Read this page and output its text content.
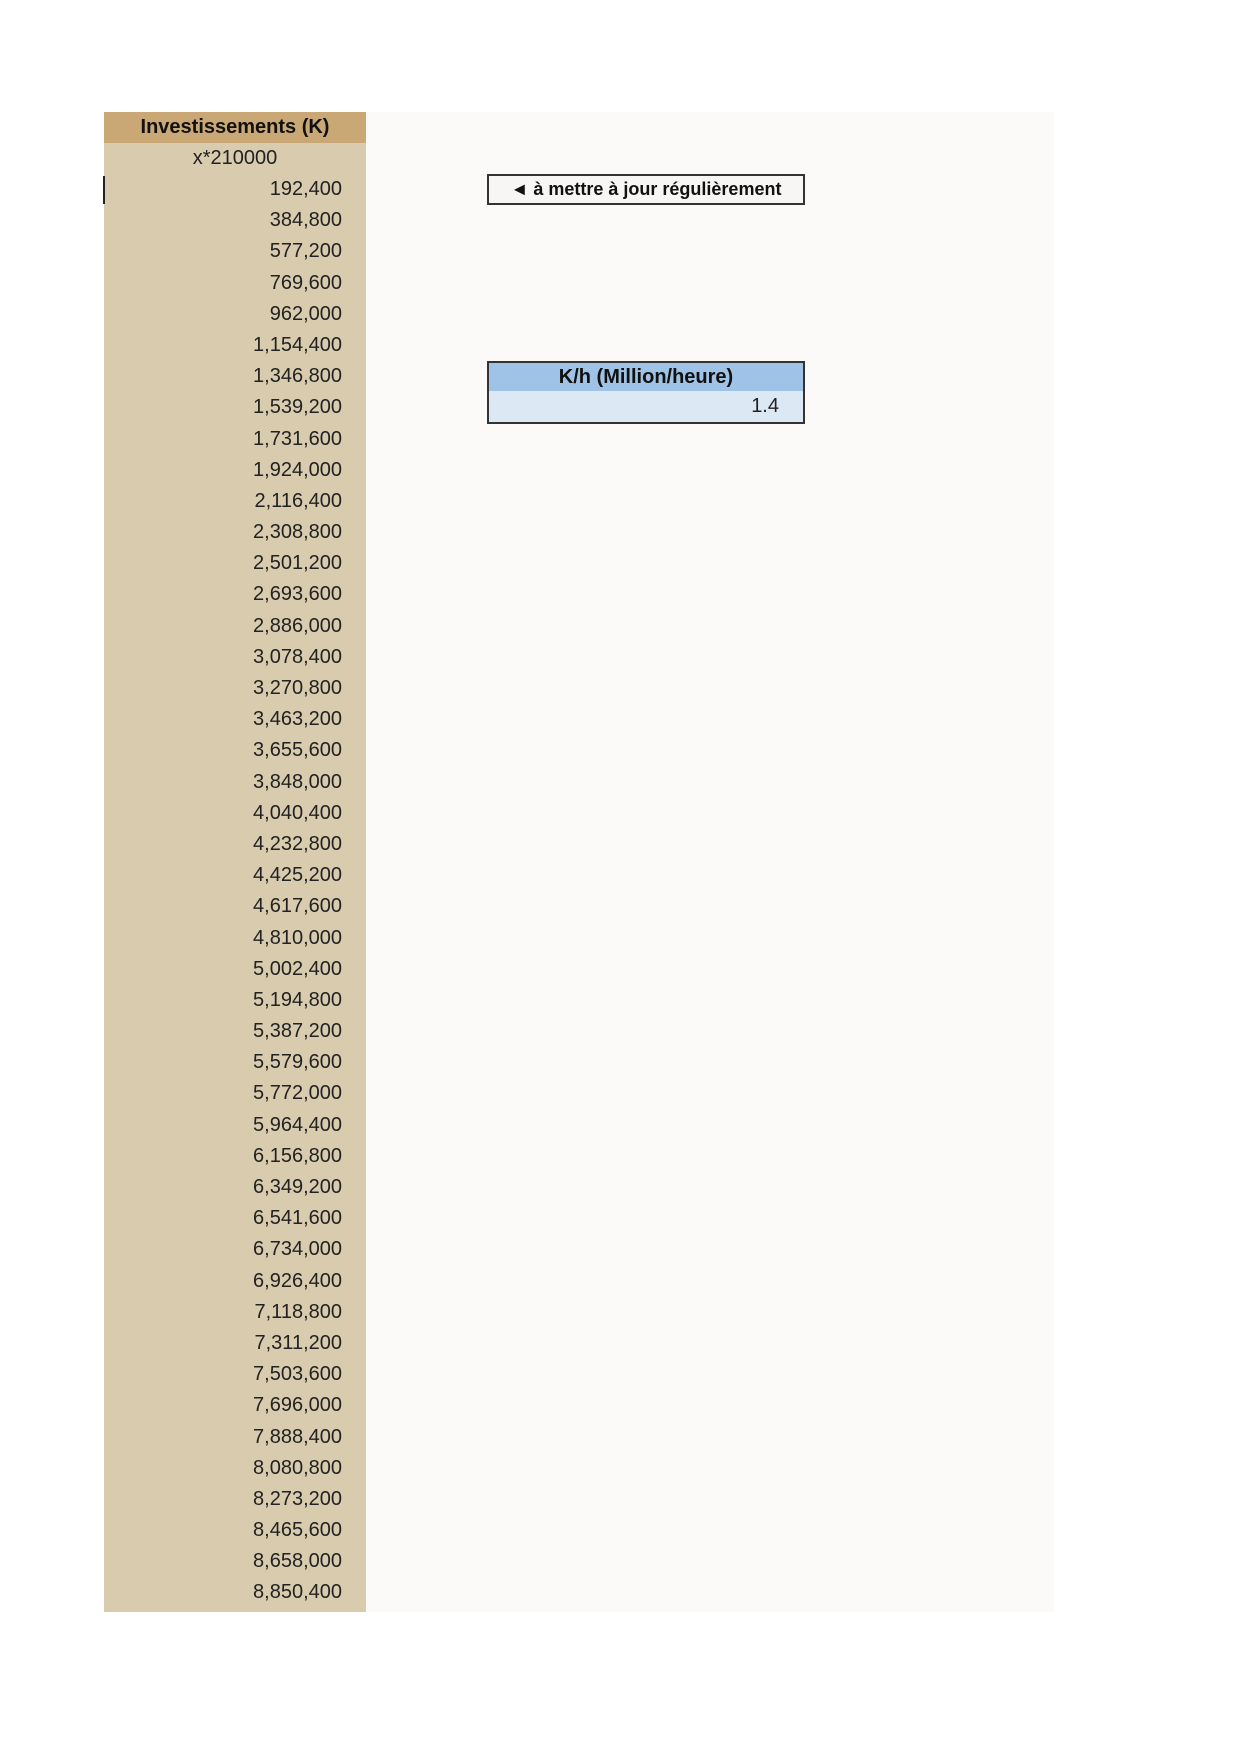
Investissements (K)
x*210000
192,400
384,800
577,200
769,600
962,000
1,154,400
1,346,800
1,539,200
1,731,600
1,924,000
2,116,400
2,308,800
2,501,200
2,693,600
2,886,000
3,078,400
3,270,800
3,463,200
3,655,600
3,848,000
4,040,400
4,232,800
4,425,200
4,617,600
4,810,000
5,002,400
5,194,800
5,387,200
5,579,600
5,772,000
5,964,400
6,156,800
6,349,200
6,541,600
6,734,000
6,926,400
7,118,800
7,311,200
7,503,600
7,696,000
7,888,400
8,080,800
8,273,200
8,465,600
8,658,000
8,850,400
◄ à mettre à jour régulièrement
K/h (Million/heure)
1.4
